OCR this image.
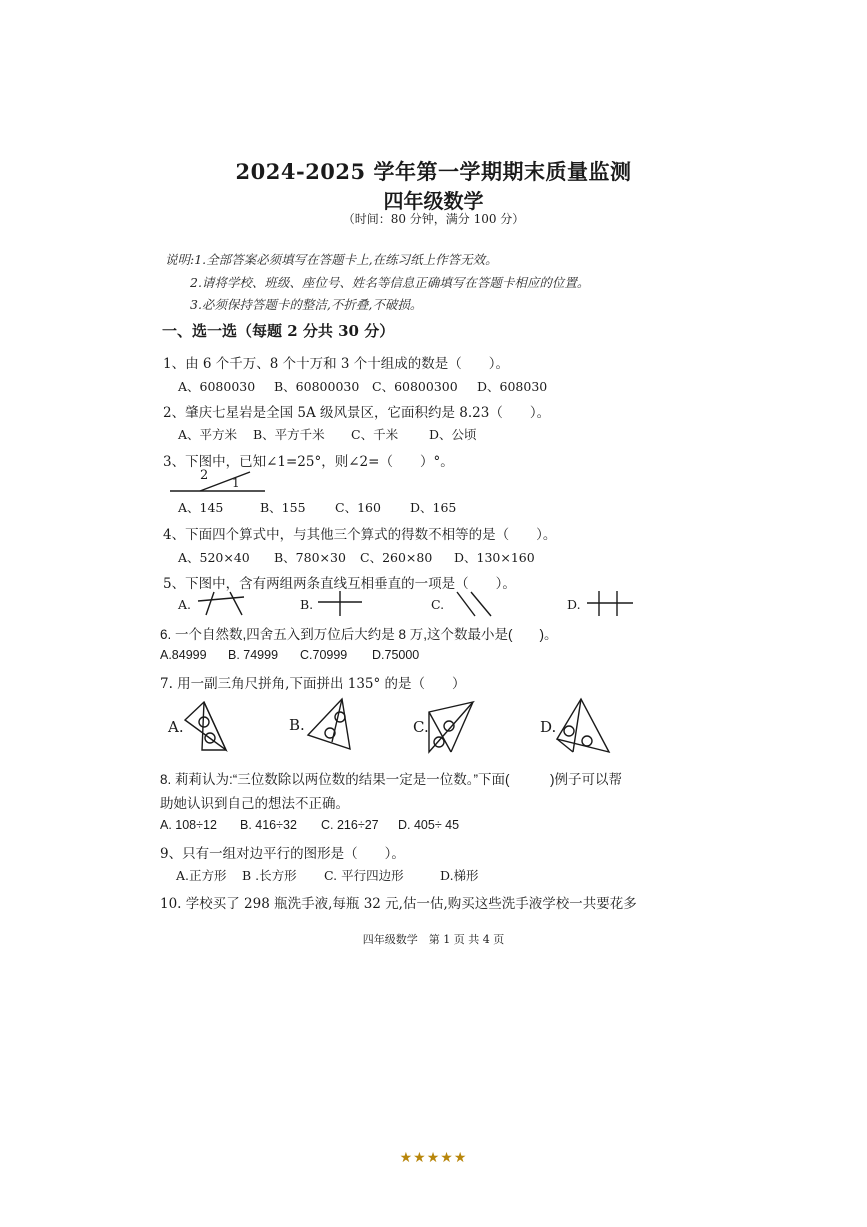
2024-2025 学年第一学期期末质量监测
四年级数学
（时间：80 分钟，满分 100 分）
说明:1.全部答案必须填写在答题卡上,在练习纸上作答无效。
2.请将学校、班级、座位号、姓名等信息正确填写在答题卡相应的位置。
3.必须保持答题卡的整洁,不折叠,不破损。
一、选一选（每题 2 分共 30 分）
1、由 6 个千万、8 个十万和 3 个十组成的数是（　　）。
A、6080030 B、60800030 C、60800300 D、608030
2、肇庆七星岩是全国 5A 级风景区，它面积约是 8.23（　　）。
A、平方米 B、平方千米 C、千米 D、公顷
3、下图中，已知∠1=25°，则∠2=（　　）°。
2 1
A、145	B、155 C、160 D、165
4、下面四个算式中，与其他三个算式的得数不相等的是（　　）。
A、520×40 B、780×30 C、260×80 D、130×160
5、下图中，含有两组两条直线互相垂直的一项是（　　）。
A.	B.	C.	D.
6. 一个自然数,四舍五入到万位后大约是 8 万,这个数最小是(　　)。
A.84999 B. 74999 C.70999 D.75000
7. 用一副三角尺拼角,下面拼出 135° 的是（　　）
A.	B.	C.	D.
8. 莉莉认为:“三位数除以两位数的结果一定是一位数。”下面(　　　)例子可以帮
助她认识到自己的想法不正确。
A. 108÷12 B. 416÷32 C. 216÷27 D. 405÷ 45
9、只有一组对边平行的图形是（　　）。
A.正方形 B .长方形 C. 平行四边形	D.梯形
10. 学校买了 298 瓶洗手液,每瓶 32 元,估一估,购买这些洗手液学校一共要花多
四年级数学　第 1 页 共 4 页
★★★★★
